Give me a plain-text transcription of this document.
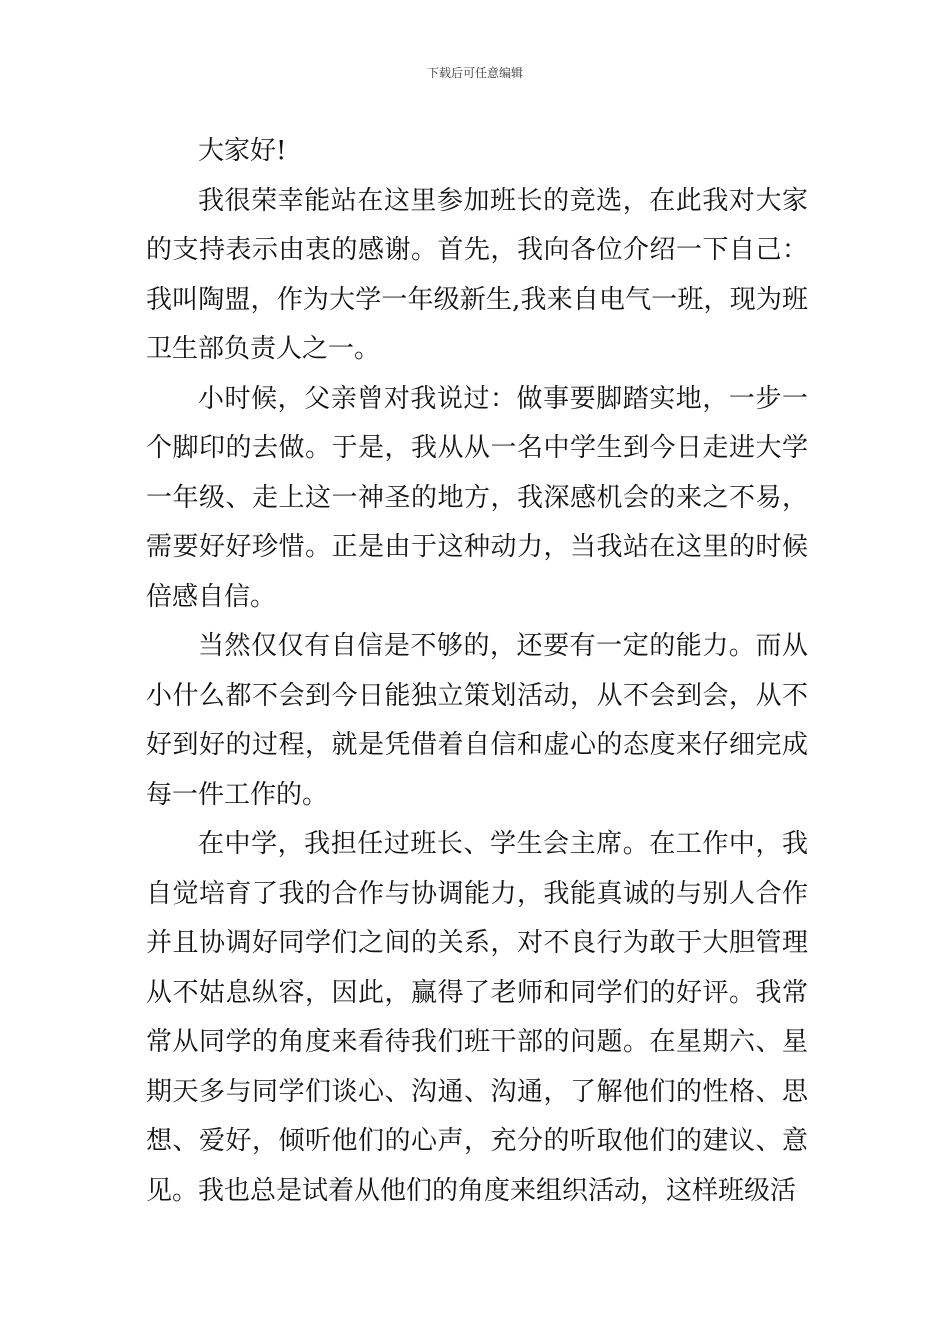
下载后可任意编辑

大家好!

我很荣幸能站在这里参加班长的竞选，在此我对大家的支持表示由衷的感谢。首先，我向各位介绍一下自己：我叫陶盟，作为大学一年级新生,我来自电气一班，现为班卫生部负责人之一。

小时候，父亲曾对我说过：做事要脚踏实地，一步一个脚印的去做。于是，我从从一名中学生到今日走进大学一年级、走上这一神圣的地方，我深感机会的来之不易，需要好好珍惜。正是由于这种动力，当我站在这里的时候倍感自信。

当然仅仅有自信是不够的，还要有一定的能力。而从小什么都不会到今日能独立策划活动，从不会到会，从不好到好的过程，就是凭借着自信和虚心的态度来仔细完成每一件工作的。

在中学，我担任过班长、学生会主席。在工作中，我自觉培育了我的合作与协调能力，我能真诚的与别人合作并且协调好同学们之间的关系，对不良行为敢于大胆管理从不姑息纵容，因此，赢得了老师和同学们的好评。我常常从同学的角度来看待我们班干部的问题。在星期六、星期天多与同学们谈心、沟通、沟通，了解他们的性格、思想、爱好，倾听他们的心声，充分的听取他们的建议、意见。我也总是试着从他们的角度来组织活动，这样班级活
